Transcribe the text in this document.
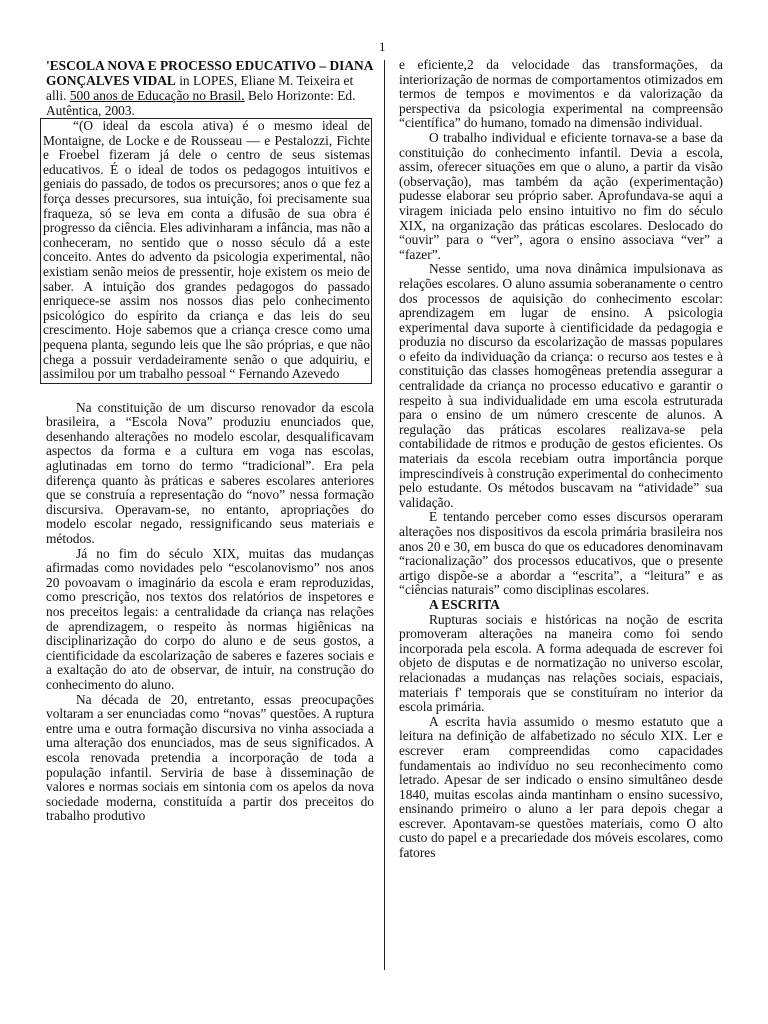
1

'ESCOLA NOVA E PROCESSO EDUCATIVO – DIANA GONÇALVES VIDAL in LOPES, Eliane M. Teixeira et alli. 500 anos de Educação no Brasil. Belo Horizonte: Ed. Autêntica, 2003.

“(O ideal da escola ativa) é o mesmo ideal de Montaigne, de Locke e de Rousseau — e Pestalozzi, Fichte e Froebel fizeram já dele o centro de seus sistemas educativos. É o ideal de todos os pedagogos intuitivos e geniais do passado, de todos os precursores; anos o que fez a força desses precursores, sua intuição, foi precisamente sua fraqueza, só se leva em conta a difusão de sua obra é progresso da ciência. Eles adivinharam a infância, mas não a conheceram, no sentido que o nosso século dá a este conceito. Antes do advento da psicologia experimental, não existiam senão meios de pressentir, hoje existem os meio de saber. A intuição dos grandes pedagogos do passado enriquece-se assim nos nossos dias pelo conhecimento psicológico do espírito da criança e das leis do seu crescimento. Hoje sabemos que a criança cresce como uma pequena planta, segundo leis que lhe são próprias, e que não chega a possuir verdadeiramente senão o que adquiriu, e assimilou por um trabalho pessoal “ Fernando Azevedo

Na constituição de um discurso renovador da escola brasileira, a “Escola Nova” produziu enunciados que, desenhando alterações no modelo escolar, desqualificavam aspectos da forma e a cultura em voga nas escolas, aglutinadas em torno do termo “tradicional”. Era pela diferença quanto às práticas e saberes escolares anteriores que se construía a representação do “novo” nessa formação discursiva. Operavam-se, no entanto, apropriações do modelo escolar negado, ressignificando seus materiais e métodos.

Já no fim do século XIX, muitas das mudanças afirmadas como novidades pelo “escolanovismo” nos anos 20 povoavam o imaginário da escola e eram reproduzidas, como prescrição, nos textos dos relatórios de inspetores e nos preceitos legais: a centralidade da criança nas relações de aprendizagem, o respeito às normas higiênicas na disciplinarização do corpo do aluno e de seus gostos, a cientificidade da escolarização de saberes e fazeres sociais e a exaltação do ato de observar, de intuir, na construção do conhecimento do aluno.

Na década de 20, entretanto, essas preocupações voltaram a ser enunciadas como “novas” questões. A ruptura entre uma e outra formação discursiva no vinha associada a uma alteração dos enunciados, mas de seus significados. A escola renovada pretendia a incorporação de toda a população infantil. Serviria de base à disseminação de valores e normas sociais em sintonia com os apelos da nova sociedade moderna, constituída a partir dos preceitos do trabalho produtivo

e eficiente,2 da velocidade das transformações, da interiorização de normas de comportamentos otimizados em termos de tempos e movimentos e da valorização da perspectiva da psicologia experimental na compreensão “científica” do humano, tomado na dimensão individual.

O trabalho individual e eficiente tornava-se a base da constituição do conhecimento infantil. Devia a escola, assim, oferecer situações em que o aluno, a partir da visão (observação), mas também da ação (experimentação) pudesse elaborar seu próprio saber. Aprofundava-se aqui a viragem iniciada pelo ensino intuitivo no fim do século XIX, na organização das práticas escolares. Deslocado do “ouvir” para o “ver”, agora o ensino associava “ver” a “fazer”.

Nesse sentido, uma nova dinâmica impulsionava as relações escolares. O aluno assumia soberanamente o centro dos processos de aquisição do conhecimento escolar: aprendizagem em lugar de ensino. A psicologia experimental dava suporte à cientificidade da pedagogia e produzia no discurso da escolarização de massas populares o efeito da individuação da criança: o recurso aos testes e à constituição das classes homogêneas pretendia assegurar a centralidade da criança no processo educativo e garantir o respeito à sua individualidade em uma escola estruturada para o ensino de um número crescente de alunos. A regulação das práticas escolares realizava-se pela contabilidade de ritmos e produção de gestos eficientes. Os materiais da escola recebiam outra importância porque imprescindíveis à construção experimental do conhecimento pelo estudante. Os métodos buscavam na “atividade” sua validação.

E tentando perceber como esses discursos operaram alterações nos dispositivos da escola primária brasileira nos anos 20 e 30, em busca do que os educadores denominavam “racionalização” dos processos educativos, que o presente artigo dispõe-se a abordar a “escrita”, a “leitura” e as “ciências naturais” como disciplinas escolares.

A ESCRITA

Rupturas sociais e históricas na noção de escrita promoveram alterações na maneira como foi sendo incorporada pela escola. A forma adequada de escrever foi objeto de disputas e de normatização no universo escolar, relacionadas a mudanças nas relações sociais, espaciais, materiais f' temporais que se constituíram no interior da escola primária.

A escrita havia assumido o mesmo estatuto que a leitura na definição de alfabetizado no século XIX. Ler e escrever eram compreendidas como capacidades fundamentais ao indivíduo no seu reconhecimento como letrado. Apesar de ser indicado o ensino simultâneo desde 1840, muitas escolas ainda mantinham o ensino sucessivo, ensinando primeiro o aluno a ler para depois chegar a escrever. Apontavam-se questões materiais, como O alto custo do papel e a precariedade dos móveis escolares, como fatores
